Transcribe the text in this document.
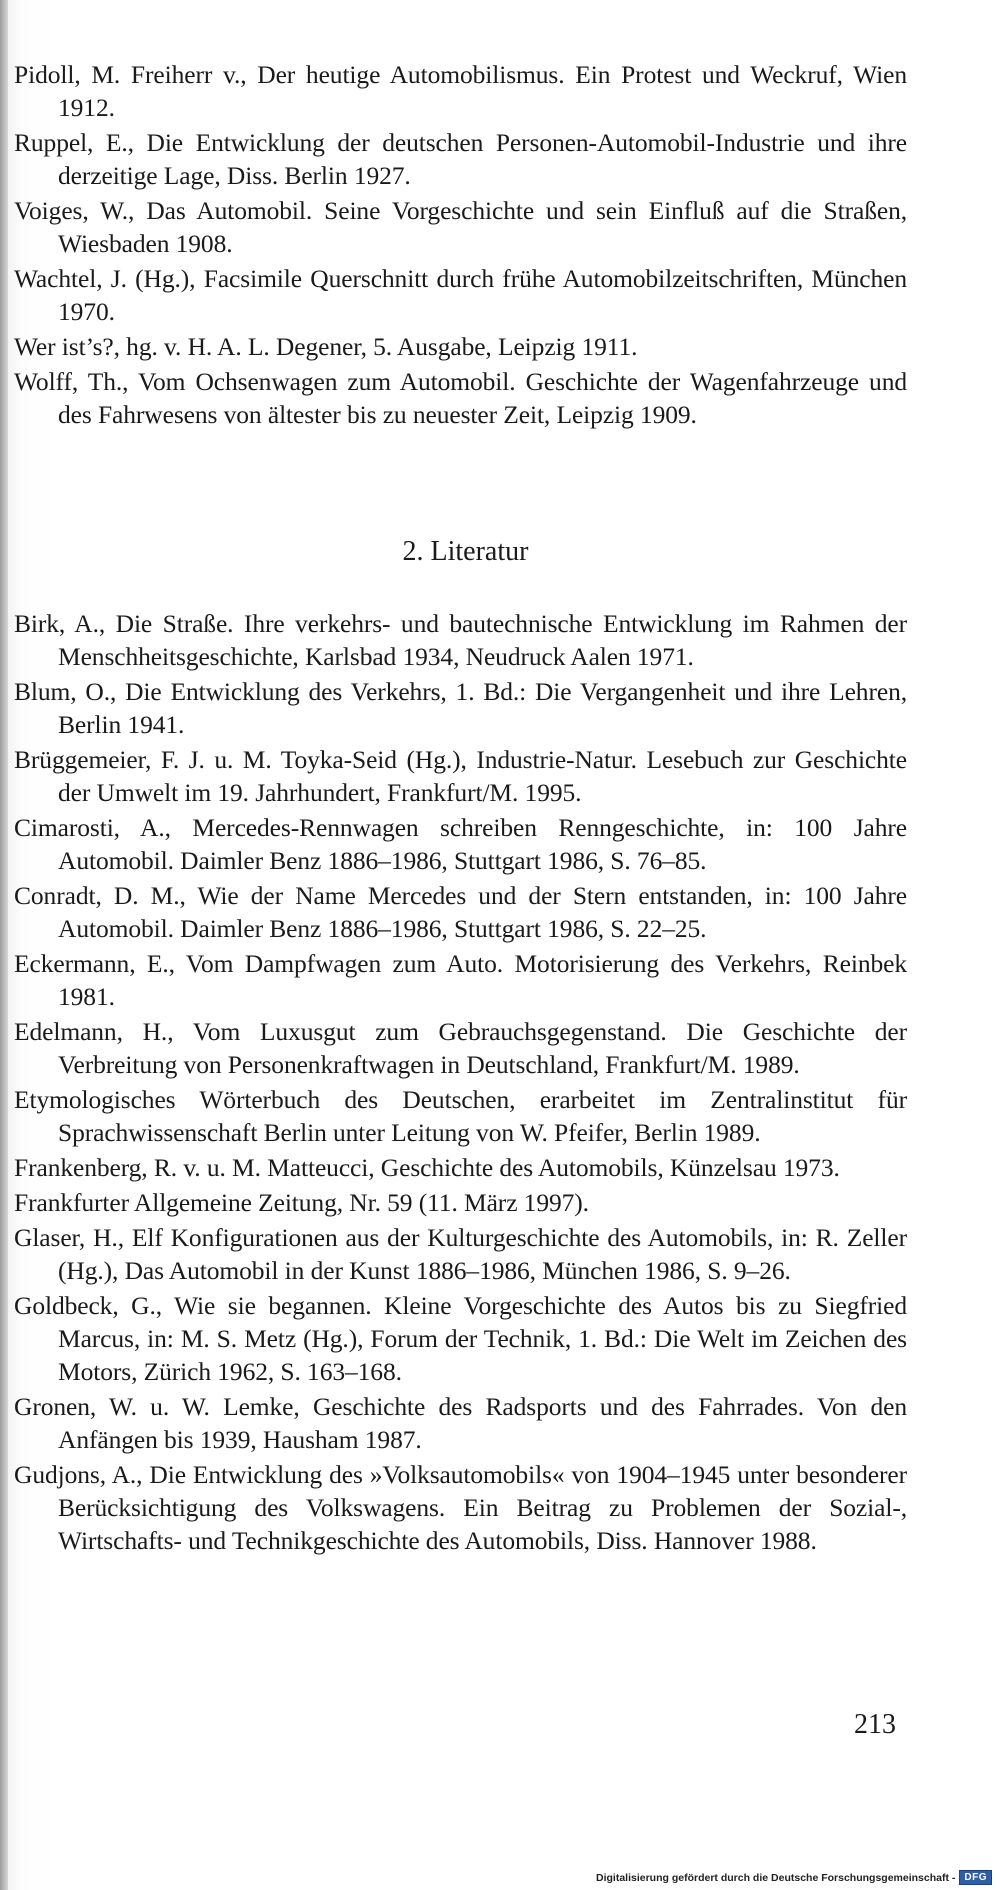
Pidoll, M. Freiherr v., Der heutige Automobilismus. Ein Protest und Weckruf, Wien 1912.

Ruppel, E., Die Entwicklung der deutschen Personen-Automobil-Industrie und ihre derzeitige Lage, Diss. Berlin 1927.

Voiges, W., Das Automobil. Seine Vorgeschichte und sein Einfluß auf die Straßen, Wiesbaden 1908.

Wachtel, J. (Hg.), Facsimile Querschnitt durch frühe Automobilzeitschriften, München 1970.

Wer ist’s?, hg. v. H. A. L. Degener, 5. Ausgabe, Leipzig 1911.

Wolff, Th., Vom Ochsenwagen zum Automobil. Geschichte der Wagenfahrzeuge und des Fahrwesens von ältester bis zu neuester Zeit, Leipzig 1909.

2. Literatur

Birk, A., Die Straße. Ihre verkehrs- und bautechnische Entwicklung im Rahmen der Menschheitsgeschichte, Karlsbad 1934, Neudruck Aalen 1971.

Blum, O., Die Entwicklung des Verkehrs, 1. Bd.: Die Vergangenheit und ihre Lehren, Berlin 1941.

Brüggemeier, F. J. u. M. Toyka-Seid (Hg.), Industrie-Natur. Lesebuch zur Geschichte der Umwelt im 19. Jahrhundert, Frankfurt/M. 1995.

Cimarosti, A., Mercedes-Rennwagen schreiben Renngeschichte, in: 100 Jahre Automobil. Daimler Benz 1886–1986, Stuttgart 1986, S. 76–85.

Conradt, D. M., Wie der Name Mercedes und der Stern entstanden, in: 100 Jahre Automobil. Daimler Benz 1886–1986, Stuttgart 1986, S. 22–25.

Eckermann, E., Vom Dampfwagen zum Auto. Motorisierung des Verkehrs, Reinbek 1981.

Edelmann, H., Vom Luxusgut zum Gebrauchsgegenstand. Die Geschichte der Verbreitung von Personenkraftwagen in Deutschland, Frankfurt/M. 1989.

Etymologisches Wörterbuch des Deutschen, erarbeitet im Zentralinstitut für Sprachwissenschaft Berlin unter Leitung von W. Pfeifer, Berlin 1989.

Frankenberg, R. v. u. M. Matteucci, Geschichte des Automobils, Künzelsau 1973.

Frankfurter Allgemeine Zeitung, Nr. 59 (11. März 1997).

Glaser, H., Elf Konfigurationen aus der Kulturgeschichte des Automobils, in: R. Zeller (Hg.), Das Automobil in der Kunst 1886–1986, München 1986, S. 9–26.

Goldbeck, G., Wie sie begannen. Kleine Vorgeschichte des Autos bis zu Siegfried Marcus, in: M. S. Metz (Hg.), Forum der Technik, 1. Bd.: Die Welt im Zeichen des Motors, Zürich 1962, S. 163–168.

Gronen, W. u. W. Lemke, Geschichte des Radsports und des Fahrrades. Von den Anfängen bis 1939, Hausham 1987.

Gudjons, A., Die Entwicklung des »Volksautomobils« von 1904–1945 unter besonderer Berücksichtigung des Volkswagens. Ein Beitrag zu Problemen der Sozial-, Wirtschafts- und Technikgeschichte des Automobils, Diss. Hannover 1988.

213

Digitalisierung gefördert durch die Deutsche Forschungsgemeinschaft - DFG
